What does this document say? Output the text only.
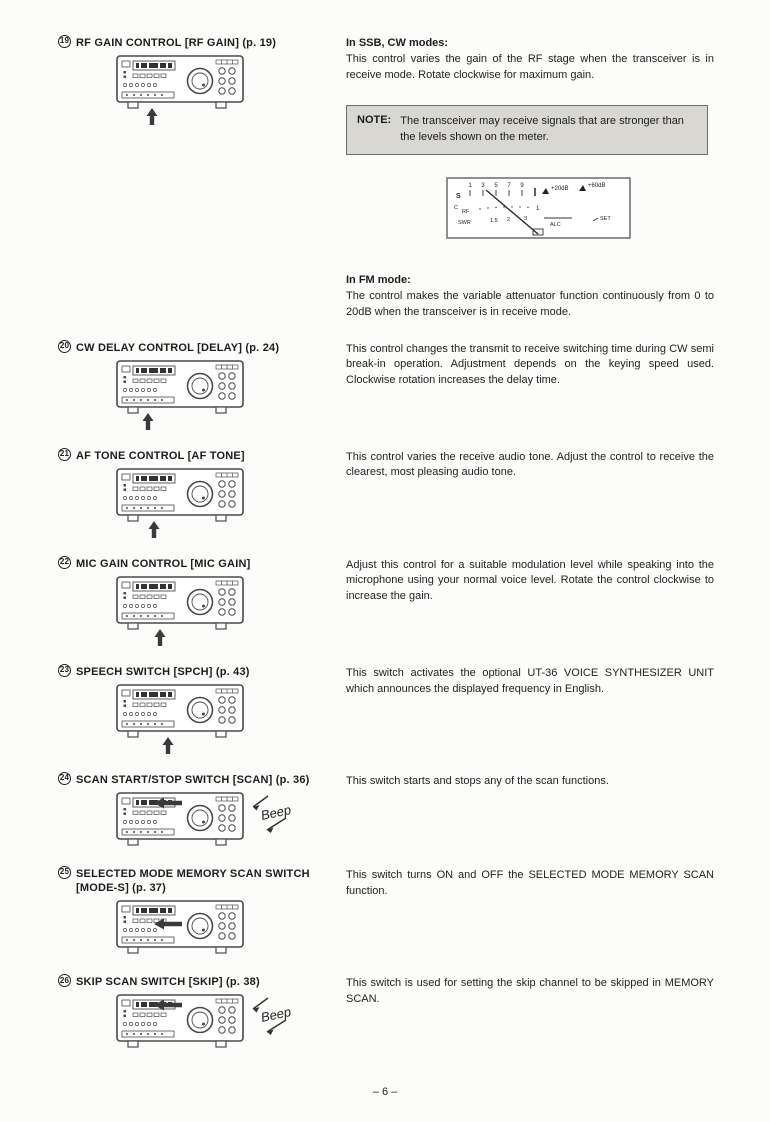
19 RF GAIN CONTROL [RF GAIN] (p. 19)	In SSB, CW modes:

This control varies the gain of the RF stage when the transceiver is in receive mode. Rotate clockwise for maximum gain.

NOTE: The transceiver may receive signals that are stronger than the levels shown on the meter.
S
1 3 5 7 9	+20dB	+60dB
C
RF	1
SWR	1.5 2	3
ALC
SET
In FM mode:

The control makes the variable attenuator function continuously from 0 to 20dB when the transceiver is in receive mode.

20 CW DELAY CONTROL [DELAY] (p. 24)	This control changes the transmit to receive switching time during CW semi break-in operation. Adjustment depends on the keying speed used. Clockwise rotation increases the delay time.

21 AF TONE CONTROL [AF TONE]	This control varies the receive audio tone. Adjust the control to receive the clearest, most pleasing audio tone.

22 MIC GAIN CONTROL [MIC GAIN]	Adjust this control for a suitable modulation level while speaking into the microphone using your normal voice level. Rotate the control clockwise to increase the gain.

23 SPEECH SWITCH [SPCH] (p. 43)	This switch activates the optional UT-36 VOICE SYNTHESIZER UNIT which announces the displayed frequency in English.

24 SCAN START/STOP SWITCH [SCAN] (p. 36)
Beep

This switch starts and stops any of the scan functions.

25 SELECTED MODE MEMORY SCAN SWITCH [MODE-S] (p. 37)

This switch turns ON and OFF the SELECTED MODE MEMORY SCAN function.

26 SKIP SCAN SWITCH [SKIP] (p. 38)
Beep

This switch is used for setting the skip channel to be skipped in MEMORY SCAN.

– 6 –
